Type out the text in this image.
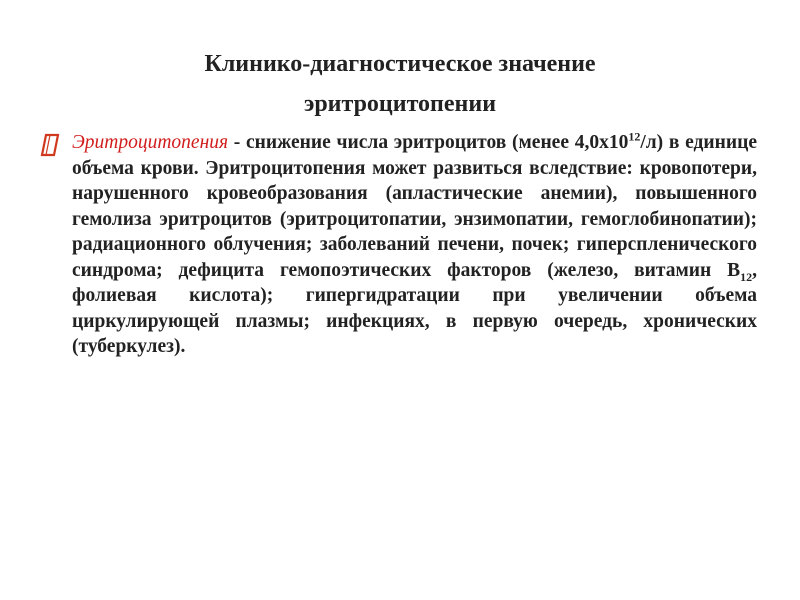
Клинико-диагностическое значение
эритроцитопении

Эритроцитопения - снижение числа эритроцитов (менее $4,0х10^{12}/л$) в единице объема крови. Эритроцитопения может развиться вследствие: кровопотери, нарушенного кровеобразования (апластические анемии), повышенного гемолиза эритроцитов (эритроцитопатии, энзимопатии, гемоглобинопатии); радиационного облучения; заболеваний печени, почек; гиперспленического синдрома; дефицита гемопоэтических факторов (железо, витамин $B_{12}$, фолиевая кислота); гипергидратации при увеличении объема циркулирующей плазмы; инфекциях, в первую очередь, хронических (туберкулез).
